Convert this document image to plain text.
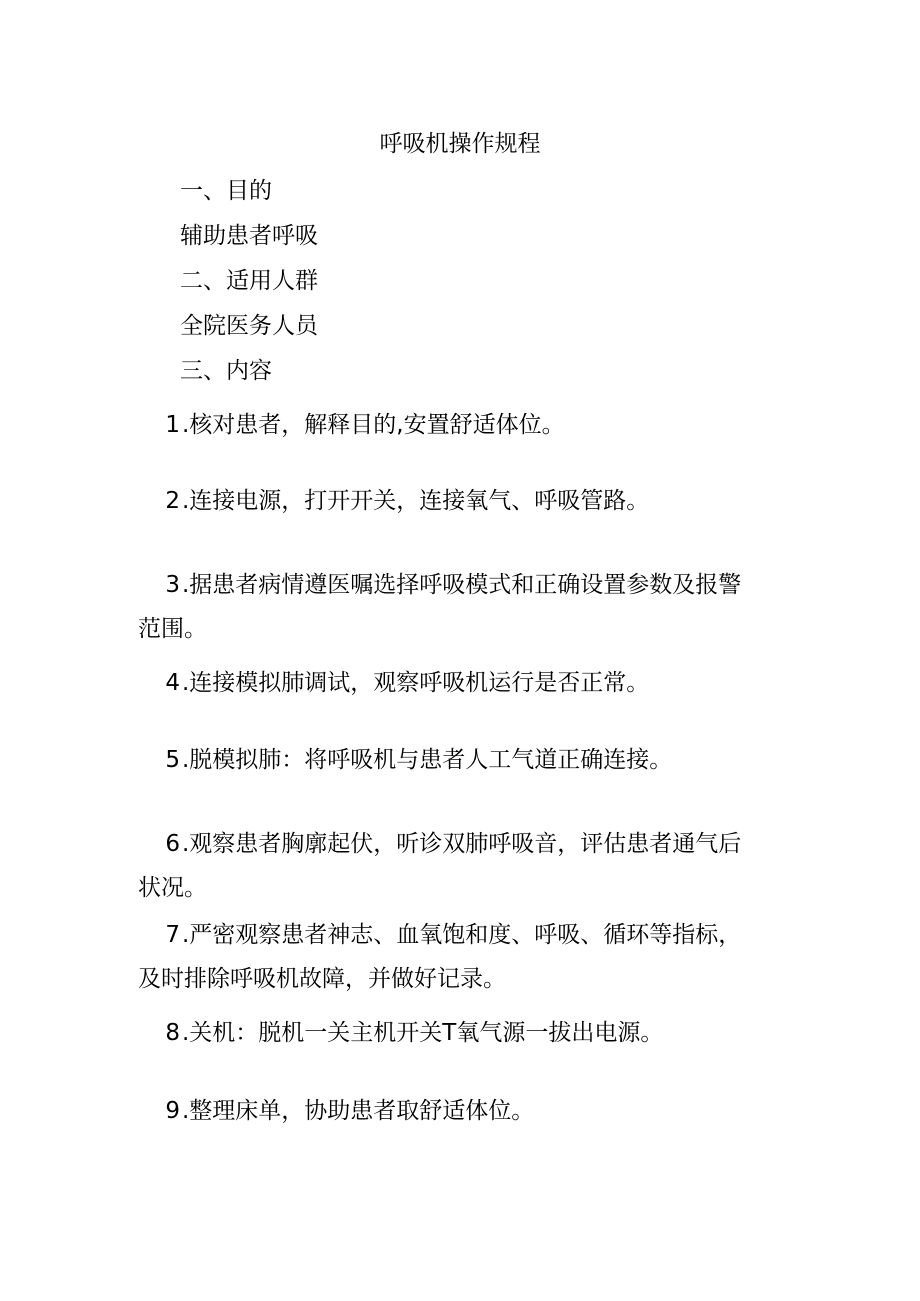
呼吸机操作规程
一、目的
辅助患者呼吸
二、适用人群
全院医务人员
三、内容
1.核对患者，解释目的,安置舒适体位。
2.连接电源，打开开关，连接氧气、呼吸管路。
3.据患者病情遵医嘱选择呼吸模式和正确设置参数及报警
范围。
4.连接模拟肺调试，观察呼吸机运行是否正常。
5.脱模拟肺：将呼吸机与患者人工气道正确连接。
6.观察患者胸廓起伏，听诊双肺呼吸音，评估患者通气后
状况。
7.严密观察患者神志、血氧饱和度、呼吸、循环等指标，
及时排除呼吸机故障，并做好记录。
8.关机：脱机一关主机开关T氧气源一拔出电源。
9.整理床单，协助患者取舒适体位。
